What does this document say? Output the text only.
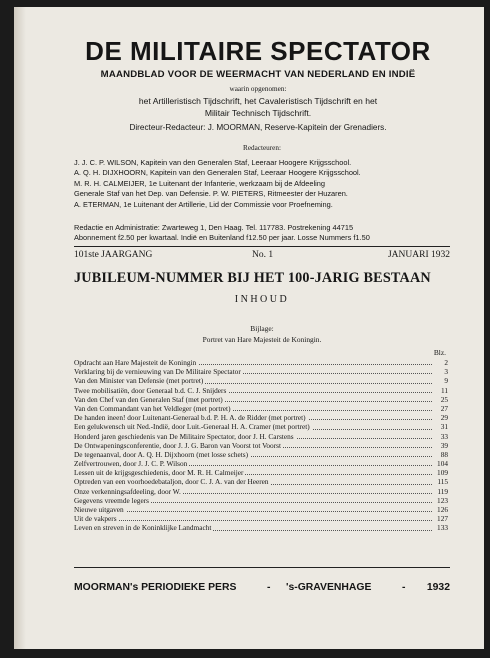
DE MILITAIRE SPECTATOR
MAANDBLAD VOOR DE WEERMACHT VAN NEDERLAND EN INDIË
waarin opgenomen:
het Artilleristisch Tijdschrift, het Cavaleristisch Tijdschrift en het
Militair Technisch Tijdschrift.
Directeur-Redacteur: J. MOORMAN, Reserve-Kapitein der Grenadiers.
Redacteuren:
J. J. C. P. WILSON, Kapitein van den Generalen Staf, Leeraar Hoogere Krijgsschool.
A. Q. H. DIJXHOORN, Kapitein van den Generalen Staf, Leeraar Hoogere Krijgsschool.
M. R. H. CALMEIJER, 1e Luitenant der Infanterie, werkzaam bij de Afdeeling
Generale Staf van het Dep. van Defensie. P. W. PIETERS, Ritmeester der Huzaren.
A. ETERMAN, 1e Luitenant der Artillerie, Lid der Commissie voor Proefneming.
Redactie en Administratie: Zwarteweg 1, Den Haag. Tel. 117783. Postrekening 44715
Abonnement f2.50 per kwartaal. Indië en Buitenland f12.50 per jaar. Losse Nummers f1.50
101ste JAARGANG	No. 1	JANUARI 1932
JUBILEUM-NUMMER BIJ HET 100-JARIG BESTAAN
INHOUD
Bijlage:
Portret van Hare Majesteit de Koningin.
Blz.
Opdracht aan Hare Majesteit de Koningin	2
Verklaring bij de vernieuwing van De Militaire Spectator	3
Van den Minister van Defensie (met portret)	9
Twee mobilisatiën, door Generaal b.d. C. J. Snijders	11
Van den Chef van den Generalen Staf (met portret)	25
Van den Commandant van het Veldleger (met portret)	27
De handen ineen! door Luitenant-Generaal b.d. P. H. A. de Ridder (met portret)	29
Een gelukwensch uit Ned.-Indië, door Luit.-Generaal H. A. Cramer (met portret)	31
Honderd jaren geschiedenis van De Militaire Spectator, door J. H. Carstens	33
De Ontwapeningsconferentie, door J. J. G. Baron van Voorst tot Voorst	39
De tegenaanval, door A. Q. H. Dijxhoorn (met losse schets)	88
Zelfvertrouwen, door J. J. C. P. Wilson	104
Lessen uit de krijgsgeschiedenis, door M. R. H. Calmeijer	109
Optreden van een voorhoedebataljon, door C. J. A. van der Heeren	115
Onze verkenningsafdeeling, door W.	119
Gegevens vreemde legers	123
Nieuwe uitgaven	126
Uit de vakpers	127
Leven en streven in de Koninklijke Landmacht	133
MOORMAN's PERIODIEKE PERS	- 's-GRAVENHAGE	- 1932
